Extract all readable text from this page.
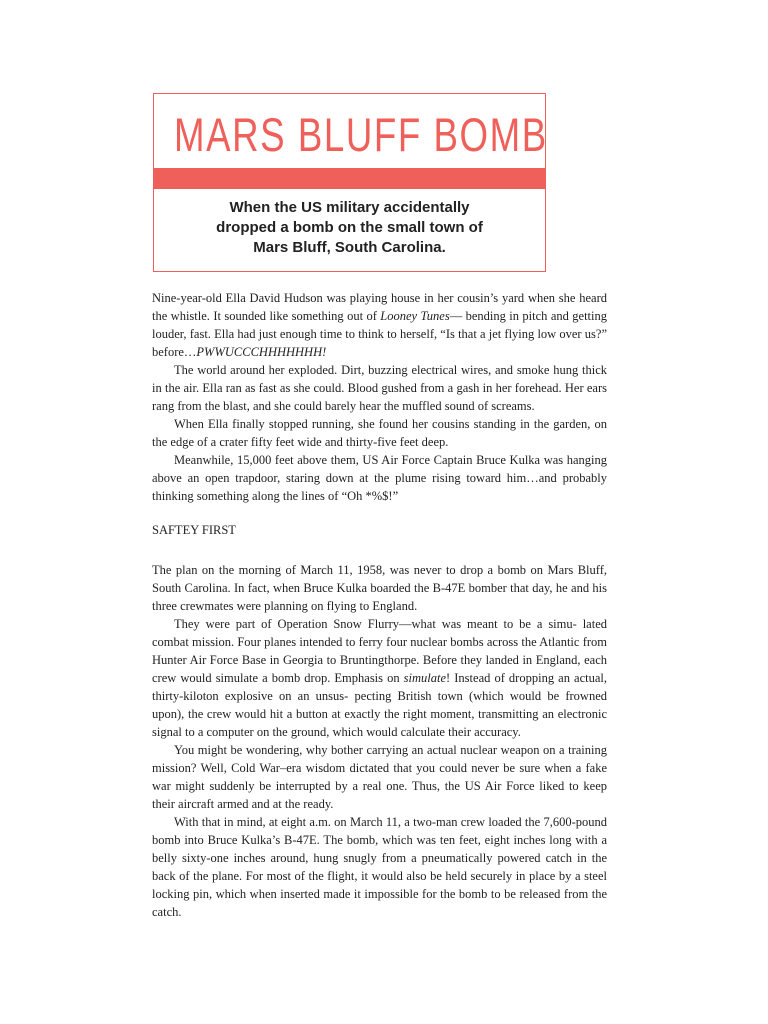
MARS BLUFF BOMB
When the US military accidentally
dropped a bomb on the small town of
Mars Bluff, South Carolina.

Nine-year-old Ella David Hudson was playing house in her cousin’s yard when she heard the whistle. It sounded like something out of Looney Tunes— bending in pitch and getting louder, fast. Ella had just enough time to think to herself, “Is that a jet flying low over us?” before…PWWUCCCHHHHHHH!

The world around her exploded. Dirt, buzzing electrical wires, and smoke hung thick in the air. Ella ran as fast as she could. Blood gushed from a gash in her forehead. Her ears rang from the blast, and she could barely hear the muffled sound of screams.

When Ella finally stopped running, she found her cousins standing in the garden, on the edge of a crater fifty feet wide and thirty-five feet deep.

Meanwhile, 15,000 feet above them, US Air Force Captain Bruce Kulka was hanging above an open trapdoor, staring down at the plume rising toward him…and probably thinking something along the lines of “Oh *%$!”

SAFTEY FIRST

The plan on the morning of March 11, 1958, was never to drop a bomb on Mars Bluff, South Carolina. In fact, when Bruce Kulka boarded the B-47E bomber that day, he and his three crewmates were planning on flying to England.

They were part of Operation Snow Flurry—what was meant to be a simu- lated combat mission. Four planes intended to ferry four nuclear bombs across the Atlantic from Hunter Air Force Base in Georgia to Bruntingthorpe. Before they landed in England, each crew would simulate a bomb drop. Emphasis on simulate! Instead of dropping an actual, thirty-kiloton explosive on an unsus- pecting British town (which would be frowned upon), the crew would hit a button at exactly the right moment, transmitting an electronic signal to a computer on the ground, which would calculate their accuracy.

You might be wondering, why bother carrying an actual nuclear weapon on a training mission? Well, Cold War–era wisdom dictated that you could never be sure when a fake war might suddenly be interrupted by a real one. Thus, the US Air Force liked to keep their aircraft armed and at the ready.

With that in mind, at eight a.m. on March 11, a two-man crew loaded the 7,600-pound bomb into Bruce Kulka’s B-47E. The bomb, which was ten feet, eight inches long with a belly sixty-one inches around, hung snugly from a pneumatically powered catch in the back of the plane. For most of the flight, it would also be held securely in place by a steel locking pin, which when inserted made it impossible for the bomb to be released from the catch.
